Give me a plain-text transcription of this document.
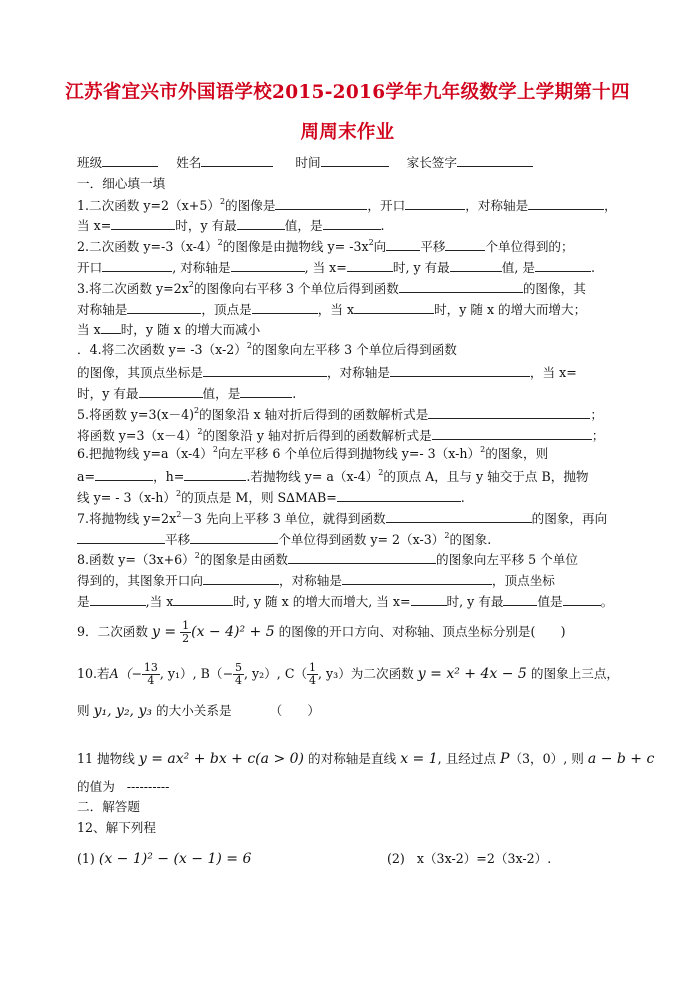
江苏省宜兴市外国语学校2015-2016学年九年级数学上学期第十四
周周末作业
班级	姓名	时间	家长签字
一．细心填一填
1.二次函数 $y=2(x+5)^2$的图像是	，开口	，对称轴是	，
当 x=	时，y 有最	值，是	.
2.二次函数 $y=-3(x-4)^2$的图像是由抛物线 $y= -3x^2$向	平移	个单位得到的；
开口	, 对称轴是	, 当 x=	时, y 有最	值, 是	.
3.将二次函数 $y=2x^2$的图像向右平移 3 个单位后得到函数	的图像，其
对称轴是	，顶点是	，当 x	时，y 随 x 的增大而增大；
当 x 时，y 随 x 的增大而减小
．4.将二次函数 $y= -3(x-2)^2$的图象向左平移 3 个单位后得到函数
的图像，其顶点坐标是	，对称轴是	，当 x=
时，y 有最	值，是	.
5.将函数 $y=3(x-4)^2$的图象沿 x 轴对折后得到的函数解析式是	；
将函数 $y=3(x-4)^2$的图象沿 y 轴对折后得到的函数解析式是	；
6.把抛物线 $y=a(x-4)^2$向左平移 6 个单位后得到抛物线 y=- $3(x-h)^2$的图象，则
a=	，h=	.若抛物线 $y= a(x-4)^2$的顶点 A，且与 y 轴交于点 B，抛物
线 $y= - 3(x-h)^2$的顶点是 M，则 S∆MAB=	.
7.将抛物线 $y=2x^2-3$ 先向上平移 3 单位，就得到函数	的图象，再向
平移	个单位得到函数 $y= 2(x-3)^2$的图象.
8.函数 $y=(3x+6)^2$的图象是由函数	的图象向左平移 5 个单位
得到的，其图象开口向	，对称轴是	，顶点坐标
是	,当 x	时, y 随 x 的增大而增大, 当 x=	时, y 有最	值是	。
9．二次函数 $y = \frac{1}{2} (x - 4)^2 + 5$ 的图像的开口方向、对称轴、顶点坐标分别是(　　)
10.若$A(- \frac{13}{4}$ , y₁）, $B(- \frac{5}{4}$ , y₂）, $C( \frac{1}{4}$ , y₃）为二次函数 y = x² + 4x − 5 的图象上三点，
则 y₁, y₂, y₃ 的大小关系是	（　　）
11 抛物线 y = ax² + bx + c(a > 0) 的对称轴是直线 x = 1, 且经过点 P（3，0）, 则 a − b + c
的值为 ----------
二．解答题
12、解下列程
(1) (x − 1)² − (x − 1) = 6	(2) x（3x-2）=2（3x-2）.
